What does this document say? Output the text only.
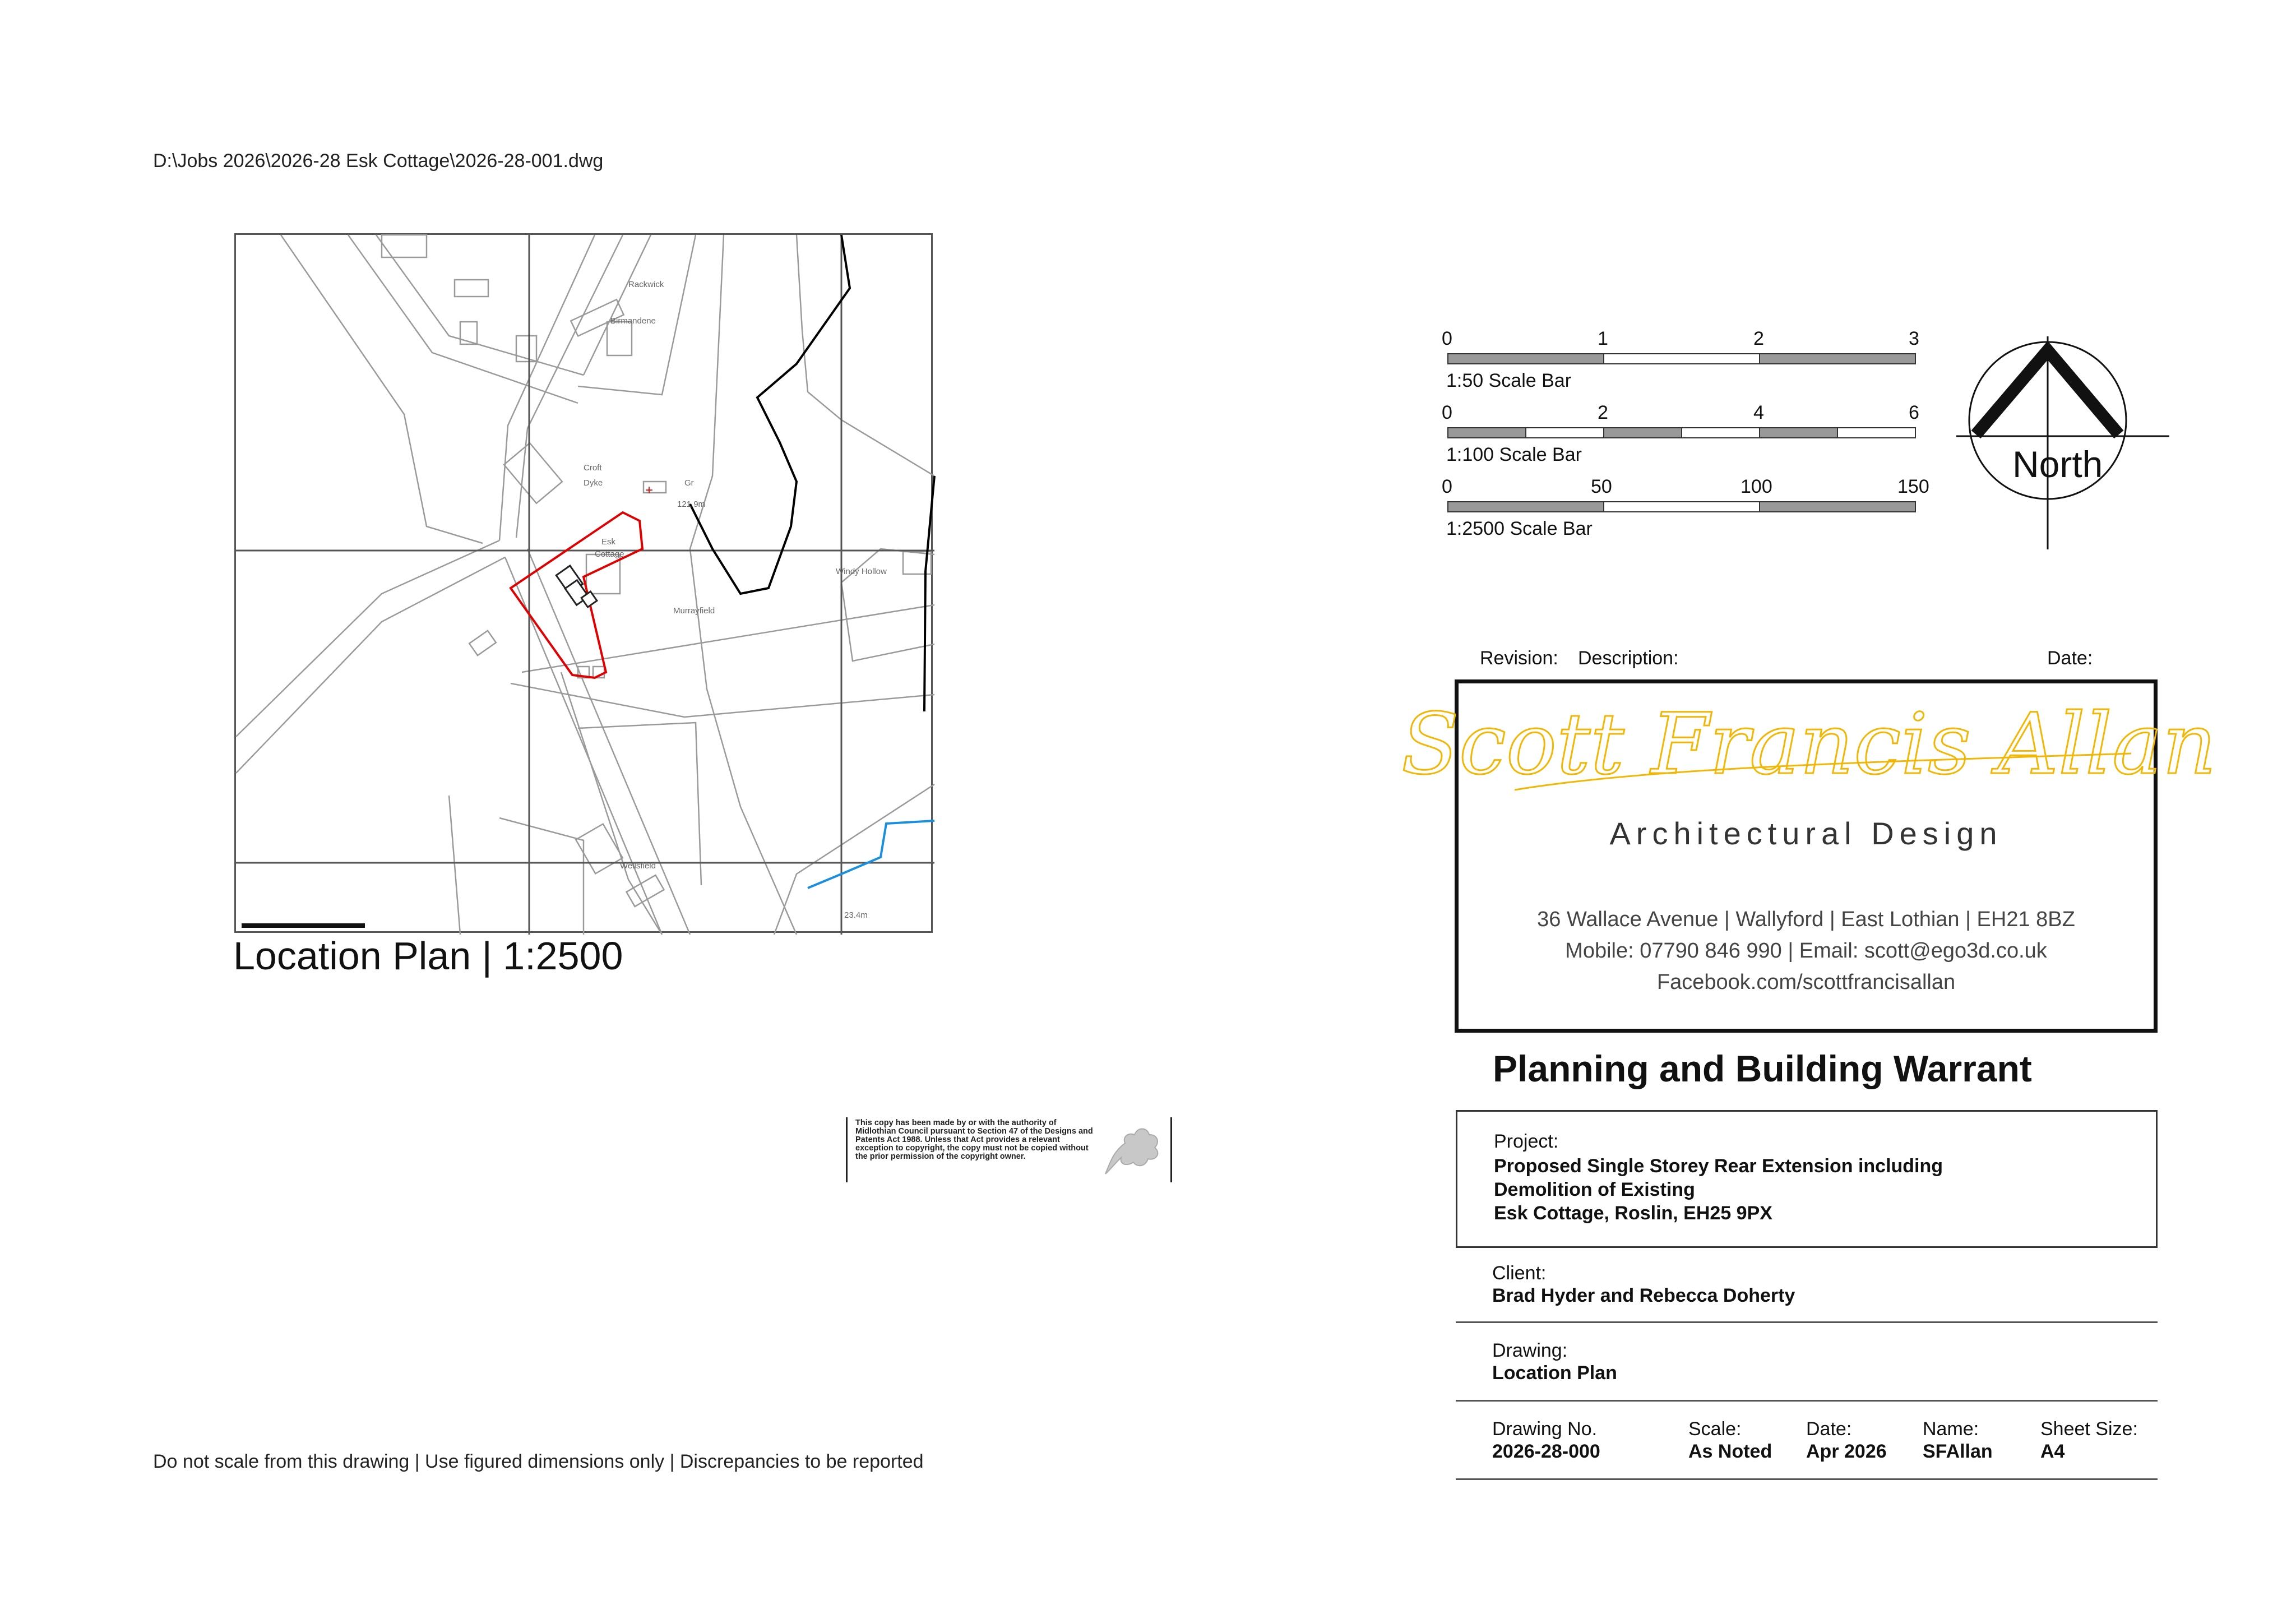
D:\Jobs 2026\2026-28 Esk Cottage\2026-28-001.dwg
+
Rackwick
Birmandene
Croft
Dyke
Esk
Cottage
Murrayfield
Windy Hollow
Wellsfield
121.9m
23.4m
Gr
Location Plan | 1:2500
This copy has been made by or with the authority of Midlothian Council pursuant to Section 47 of the Designs and Patents Act 1988. Unless that Act provides a relevant exception to copyright, the copy must not be copied without the prior permission of the copyright owner.
0	1	2	3
1:50 Scale Bar
0	2	4	6
1:100 Scale Bar
0	50	100	150
1:2500 Scale Bar
North
Revision: Description:	Date:
Scott Francis Allan
Architectural Design
36 Wallace Avenue | Wallyford | East Lothian | EH21 8BZ
Mobile: 07790 846 990 | Email: scott@ego3d.co.uk
Facebook.com/scottfrancisallan
Planning and Building Warrant
Project:
Proposed Single Storey Rear Extension including
Demolition of Existing
Esk Cottage, Roslin, EH25 9PX
Client:
Brad Hyder and Rebecca Doherty
Drawing:
Location Plan
Drawing No.
2026-28-000
Scale:
As Noted
Date:
Apr 2026
Name:
SFAllan
Sheet Size:
A4
Do not scale from this drawing | Use figured dimensions only | Discrepancies to be reported
